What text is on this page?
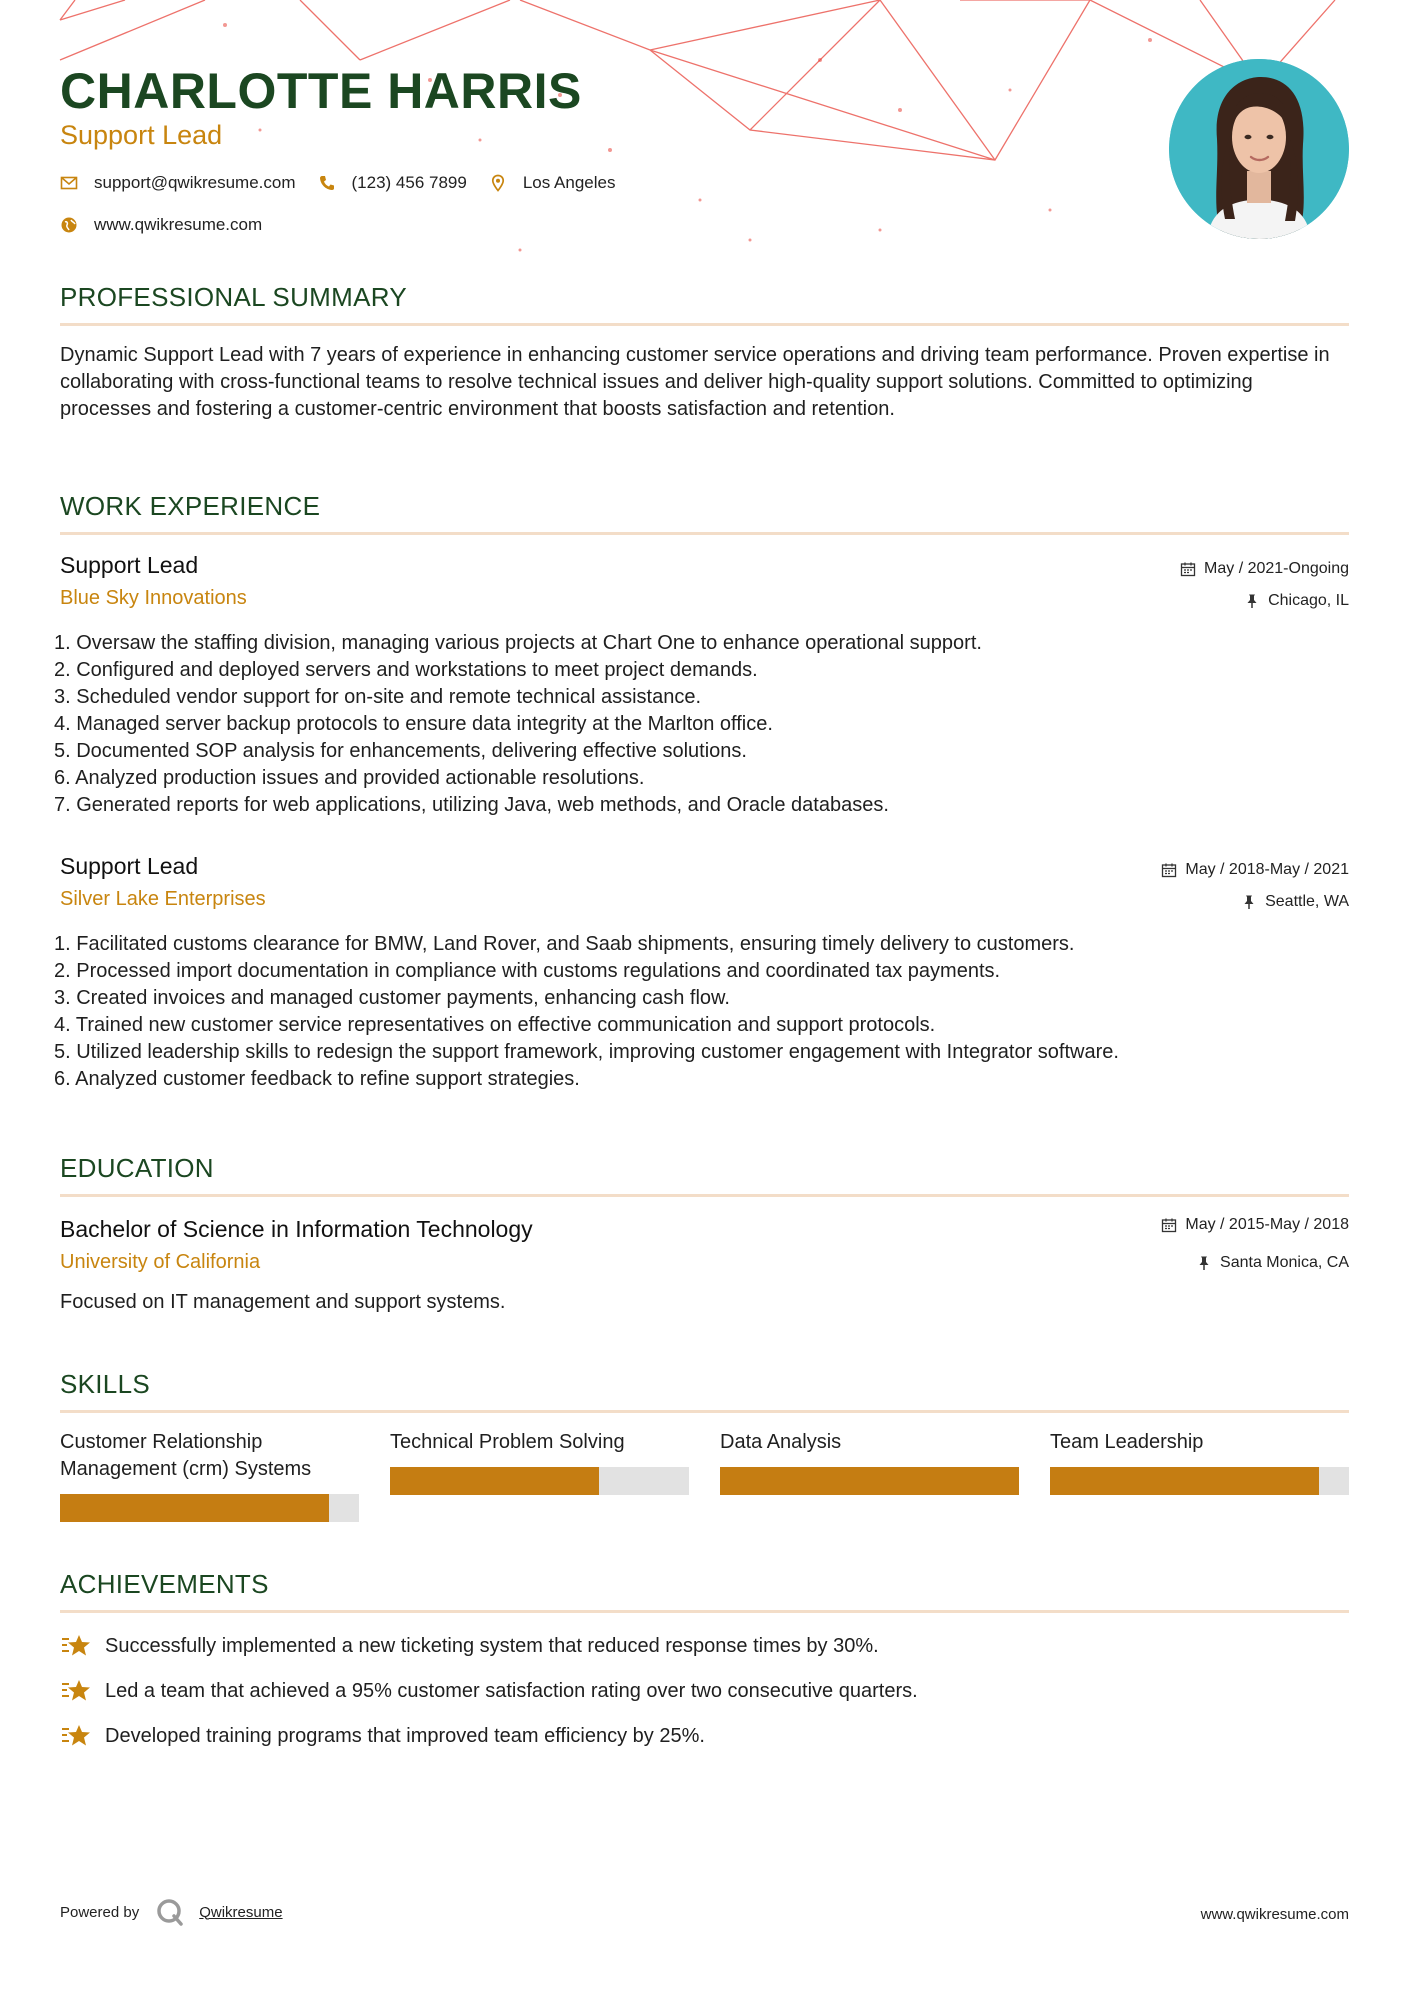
CHARLOTTE HARRIS
Support Lead
support@qwikresume.com	(123) 456 7899	Los Angeles
www.qwikresume.com
PROFESSIONAL SUMMARY

Dynamic Support Lead with 7 years of experience in enhancing customer service operations and driving team performance. Proven expertise in collaborating with cross-functional teams to resolve technical issues and deliver high-quality support solutions. Committed to optimizing processes and fostering a customer-centric environment that boosts satisfaction and retention.

WORK EXPERIENCE
Support Lead
Blue Sky Innovations
May / 2021-Ongoing
Chicago, IL
1. Oversaw the staffing division, managing various projects at Chart One to enhance operational support.
2. Configured and deployed servers and workstations to meet project demands.
3. Scheduled vendor support for on-site and remote technical assistance.
4. Managed server backup protocols to ensure data integrity at the Marlton office.
5. Documented SOP analysis for enhancements, delivering effective solutions.
6. Analyzed production issues and provided actionable resolutions.
7. Generated reports for web applications, utilizing Java, web methods, and Oracle databases.
Support Lead
Silver Lake Enterprises
May / 2018-May / 2021
Seattle, WA
1. Facilitated customs clearance for BMW, Land Rover, and Saab shipments, ensuring timely delivery to customers.
2. Processed import documentation in compliance with customs regulations and coordinated tax payments.
3. Created invoices and managed customer payments, enhancing cash flow.
4. Trained new customer service representatives on effective communication and support protocols.
5. Utilized leadership skills to redesign the support framework, improving customer engagement with Integrator software.
6. Analyzed customer feedback to refine support strategies.
EDUCATION
Bachelor of Science in Information Technology
University of California
May / 2015-May / 2018
Santa Monica, CA
Focused on IT management and support systems.
SKILLS
Customer Relationship Management (crm) Systems
Technical Problem Solving	Data Analysis	Team Leadership
ACHIEVEMENTS
Successfully implemented a new ticketing system that reduced response times by 30%.
Led a team that achieved a 95% customer satisfaction rating over two consecutive quarters.
Developed training programs that improved team efficiency by 25%.
Powered by	Qwikresume	www.qwikresume.com
